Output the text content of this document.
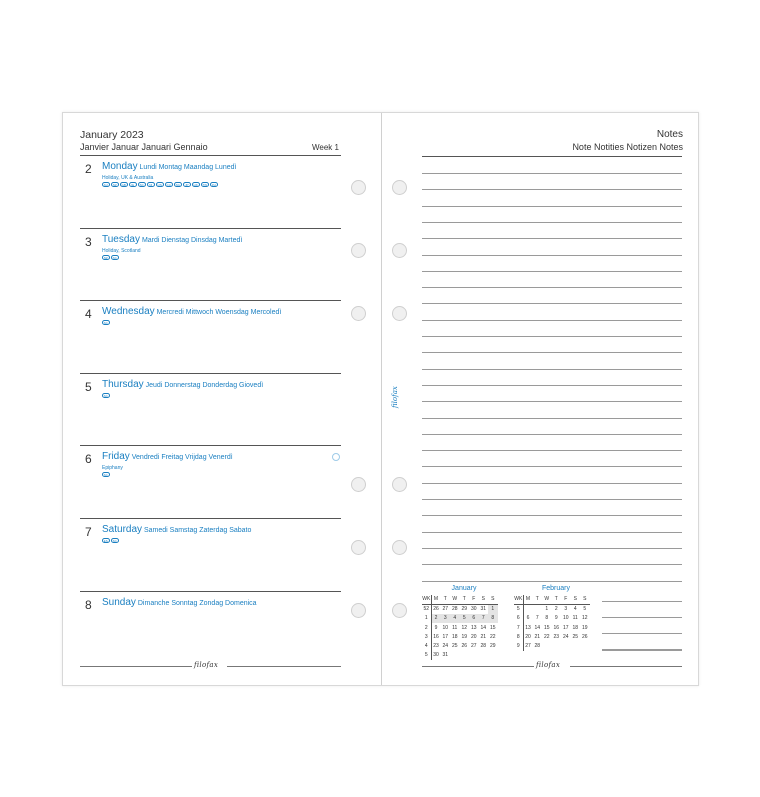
January 2023
Janvier Januar Januari Gennaio	Week 1
2 Monday Lundi Montag Maandag Lunedì
Holiday, UK & Australia
AU	NZ	GB	IE	SC	NI	US	CA	SG	JP	HK	TW	ZH
3 Tuesday Mardi Dienstag Dinsdag Martedì
Holiday, Scotland
NZ	SC
4 Wednesday Mercredi Mittwoch Woensdag Mercoledì
SC
5 Thursday Jeudi Donnerstag Donderdag Giovedì
SC
6 Friday Vendredi Freitag Vrijdag Venerdì
Epiphany
SC
7 Saturday Samedi Samstag Zaterdag Sabato
ES	SC
8 Sunday Dimanche Sonntag Zondag Domenica
filofax
Notes
Note Notities Notizen Notes
filofax
January
WK	M	T	W	T	F	S	S
52	26	27	28	29	30	31	1
1	2	3	4	5	6	7	8
2	9	10	11	12	13	14	15
3	16	17	18	19	20	21	22
4	23	24	25	26	27	28	29
5	30	31					
February
WK	M	T	W	T	F	S	S
5			1	2	3	4	5
6	6	7	8	9	10	11	12
7	13	14	15	16	17	18	19
8	20	21	22	23	24	25	26
9	27	28					
filofax
